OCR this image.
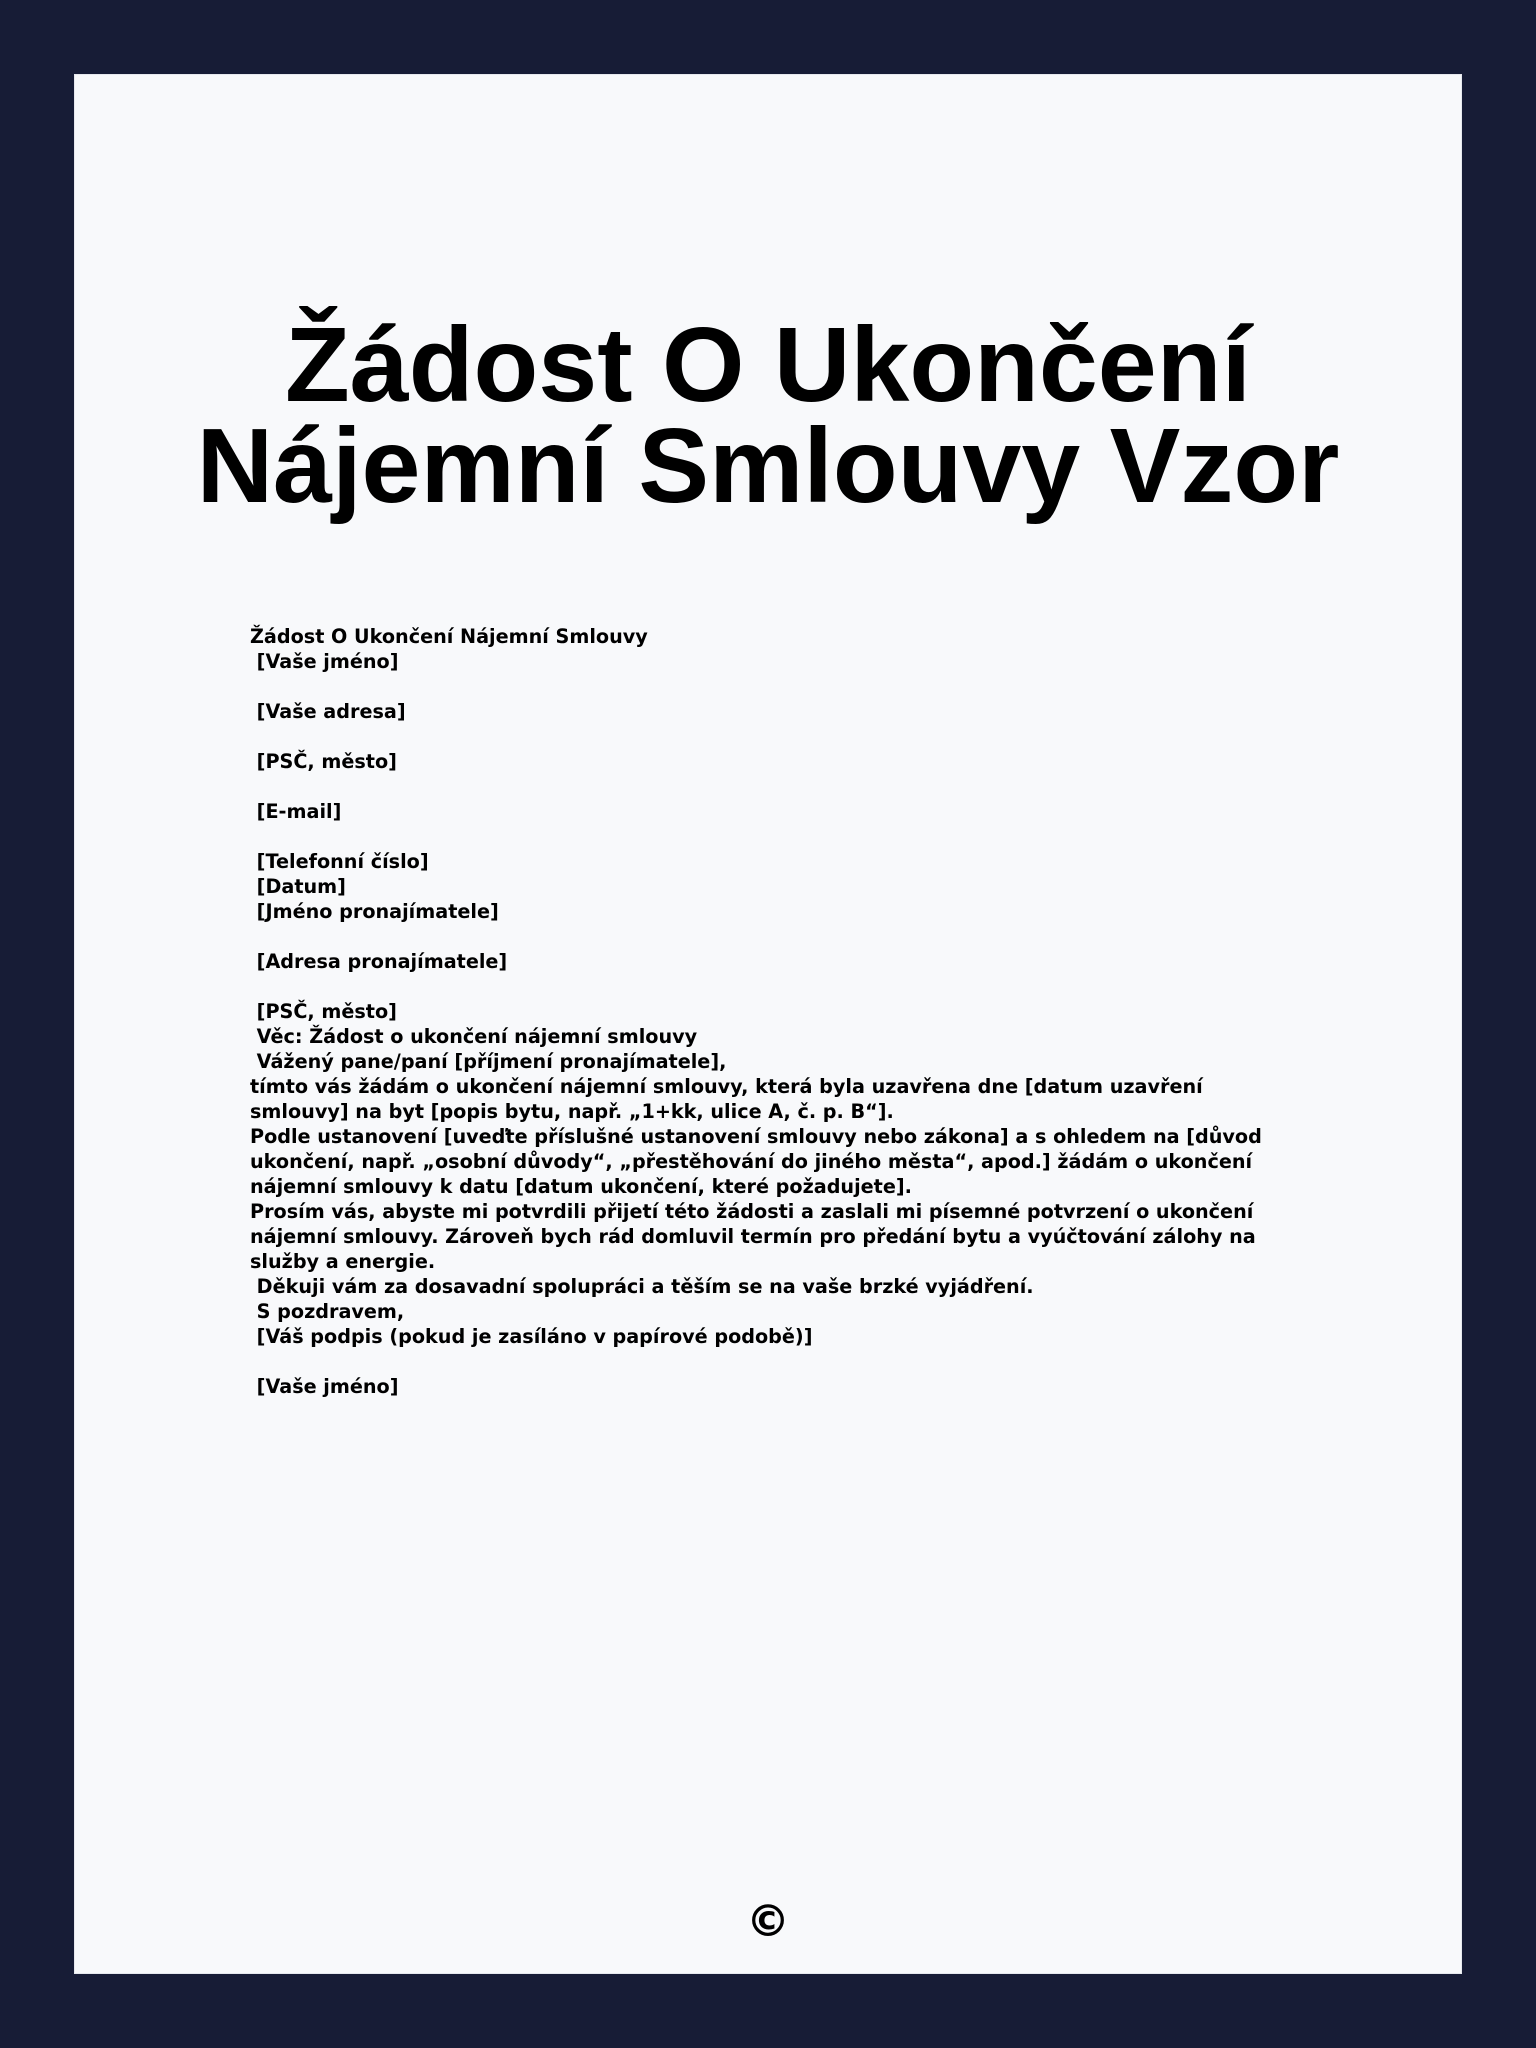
Žádost O Ukončení Nájemní Smlouvy Vzor
Žádost O Ukončení Nájemní Smlouvy
[Vaše jméno]
[Vaše adresa]
[PSČ, město]
[E-mail]
[Telefonní číslo]
[Datum]
[Jméno pronajímatele]
[Adresa pronajímatele]
[PSČ, město]
Věc: Žádost o ukončení nájemní smlouvy
Vážený pane/paní [příjmení pronajímatele],
tímto vás žádám o ukončení nájemní smlouvy, která byla uzavřena dne [datum uzavření smlouvy] na byt [popis bytu, např. „1+kk, ulice A, č. p. B“].
Podle ustanovení [uveďte příslušné ustanovení smlouvy nebo zákona] a s ohledem na [důvod ukončení, např. „osobní důvody“, „přestěhování do jiného města“, apod.] žádám o ukončení nájemní smlouvy k datu [datum ukončení, které požadujete].
Prosím vás, abyste mi potvrdili přijetí této žádosti a zaslali mi písemné potvrzení o ukončení nájemní smlouvy. Zároveň bych rád domluvil termín pro předání bytu a vyúčtování zálohy na služby a energie.
Děkuji vám za dosavadní spolupráci a těším se na vaše brzké vyjádření.
S pozdravem,
[Váš podpis (pokud je zasíláno v papírové podobě)]
[Vaše jméno]
©
